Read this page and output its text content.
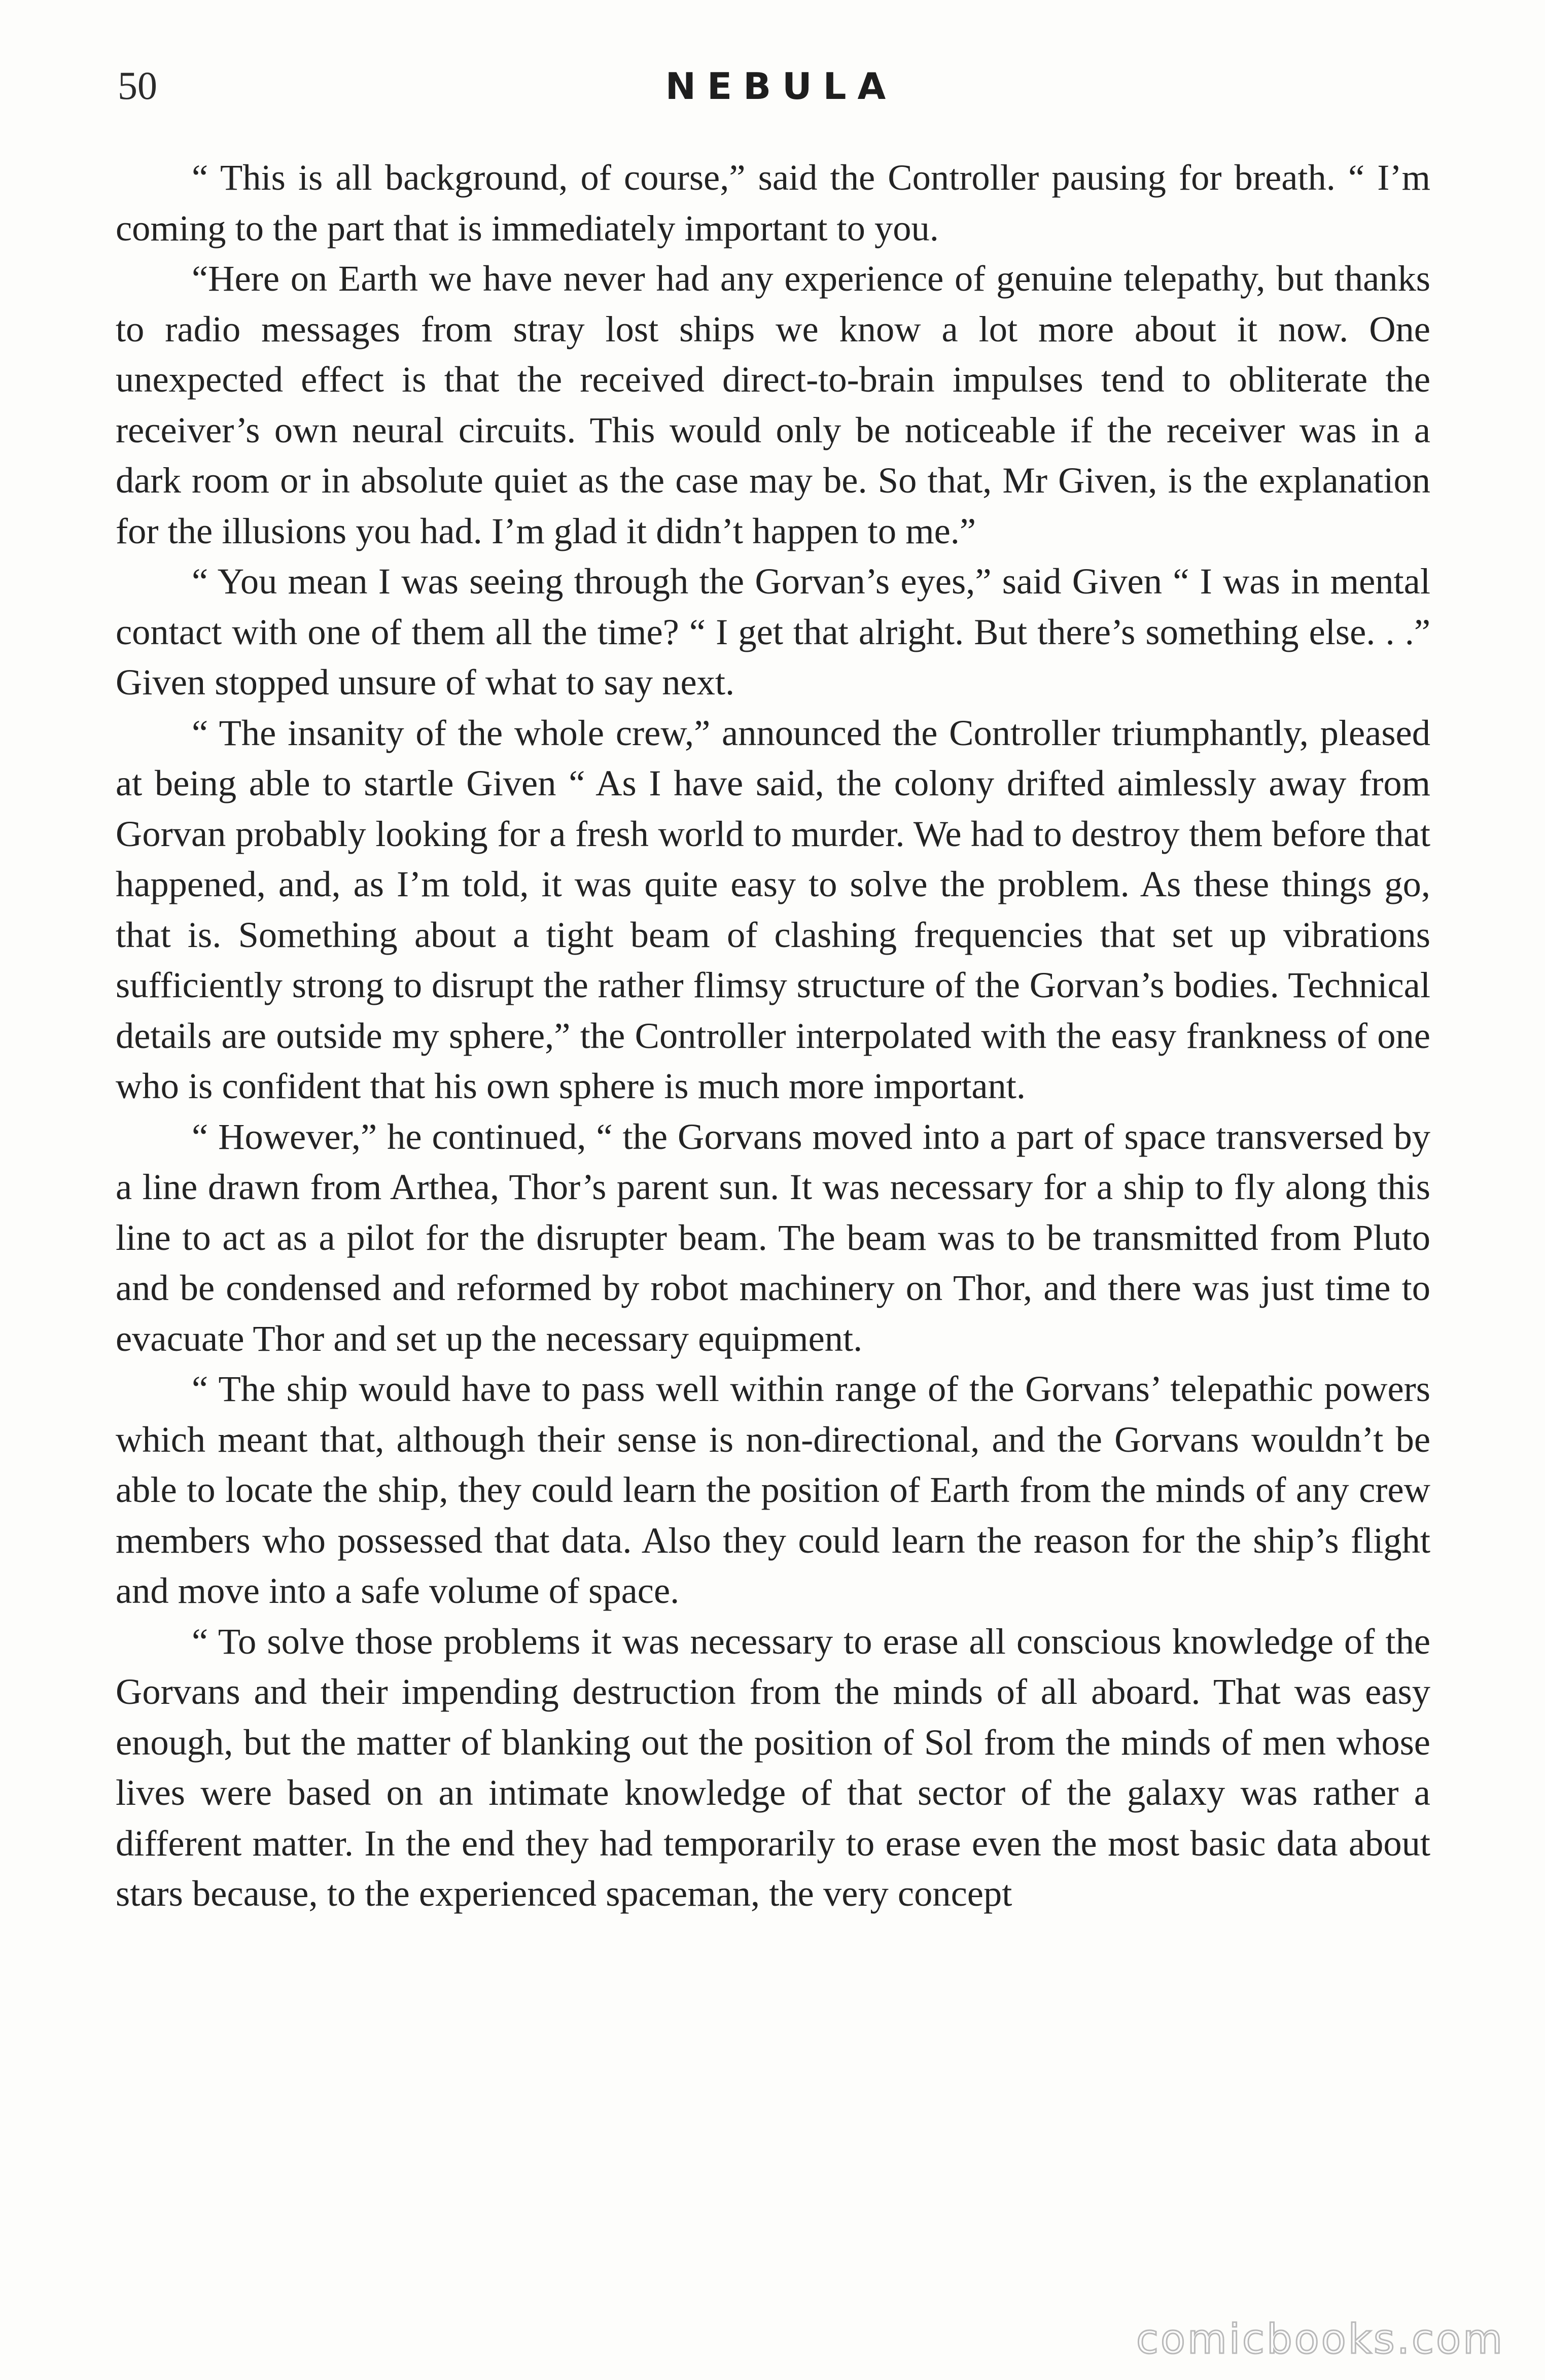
50	NEBULA

“ This is all background, of course,” said the Controller pausing for breath. “ I’m coming to the part that is immediately important to you.

“Here on Earth we have never had any experience of genuine telepathy, but thanks to radio messages from stray lost ships we know a lot more about it now. One unexpected effect is that the received direct-to-brain impulses tend to obliterate the receiver’s own neural circuits. This would only be noticeable if the receiver was in a dark room or in absolute quiet as the case may be. So that, Mr Given, is the explanation for the illusions you had. I’m glad it didn’t happen to me.”

“ You mean I was seeing through the Gorvan’s eyes,” said Given “ I was in mental contact with one of them all the time? “ I get that alright. But there’s something else. . .” Given stopped unsure of what to say next.

“ The insanity of the whole crew,” announced the Controller triumphantly, pleased at being able to startle Given “ As I have said, the colony drifted aimlessly away from Gorvan probably looking for a fresh world to murder. We had to destroy them before that happened, and, as I’m told, it was quite easy to solve the problem. As these things go, that is. Something about a tight beam of clashing frequencies that set up vibrations sufficiently strong to disrupt the rather flimsy structure of the Gorvan’s bodies. Technical details are outside my sphere,” the Controller interpolated with the easy frankness of one who is confident that his own sphere is much more important.

“ However,” he continued, “ the Gorvans moved into a part of space transversed by a line drawn from Arthea, Thor’s parent sun. It was necessary for a ship to fly along this line to act as a pilot for the disrupter beam. The beam was to be transmitted from Pluto and be condensed and reformed by robot machinery on Thor, and there was just time to evacuate Thor and set up the necessary equipment.

“ The ship would have to pass well within range of the Gorvans’ telepathic powers which meant that, although their sense is non-directional, and the Gorvans wouldn’t be able to locate the ship, they could learn the position of Earth from the minds of any crew members who possessed that data. Also they could learn the reason for the ship’s flight and move into a safe volume of space.

“ To solve those problems it was necessary to erase all conscious knowledge of the Gorvans and their impending destruction from the minds of all aboard. That was easy enough, but the matter of blanking out the position of Sol from the minds of men whose lives were based on an intimate knowledge of that sector of the galaxy was rather a different matter. In the end they had temporarily to erase even the most basic data about stars because, to the experienced spaceman, the very concept

comicbooks.com
